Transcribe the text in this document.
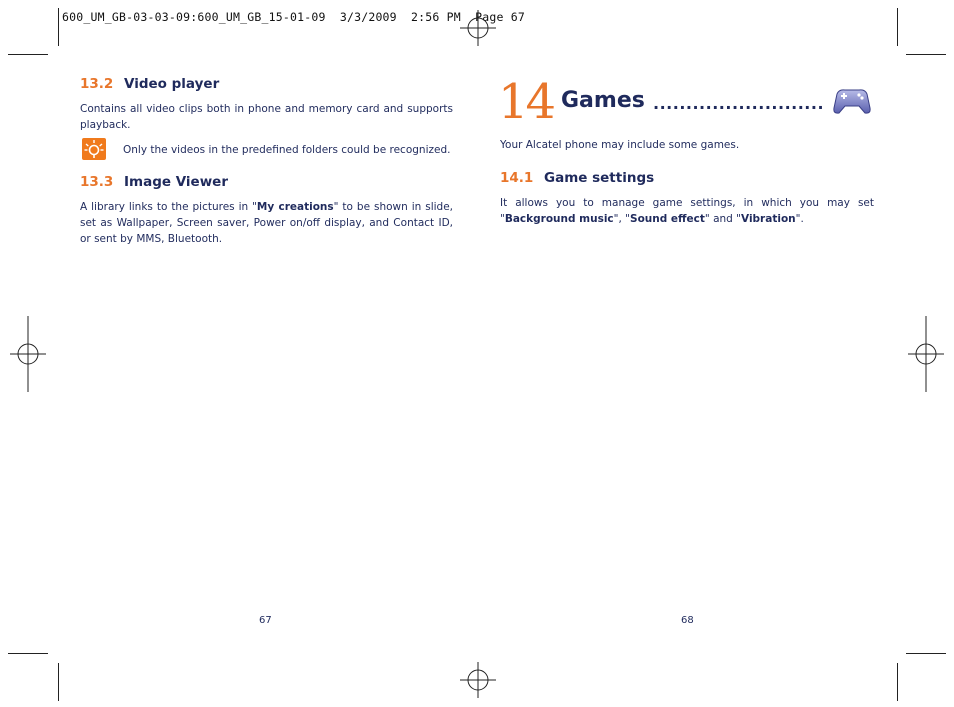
600_UM_GB-03-03-09:600_UM_GB_15-01-09  3/3/2009  2:56 PM  Page 67
13.2 Video player
Contains all video clips both in phone and memory card and supports playback.
Only the videos in the predefined folders could be recognized.
13.3 Image Viewer
A library links to the pictures in "My creations" to be shown in slide, set as Wallpaper, Screen saver, Power on/off display, and Contact ID, or sent by MMS, Bluetooth.
67
14 Games ..........................
Your Alcatel phone may include some games.
14.1 Game settings
It allows you to manage game settings, in which you may set "Background music", "Sound effect" and "Vibration".
68
